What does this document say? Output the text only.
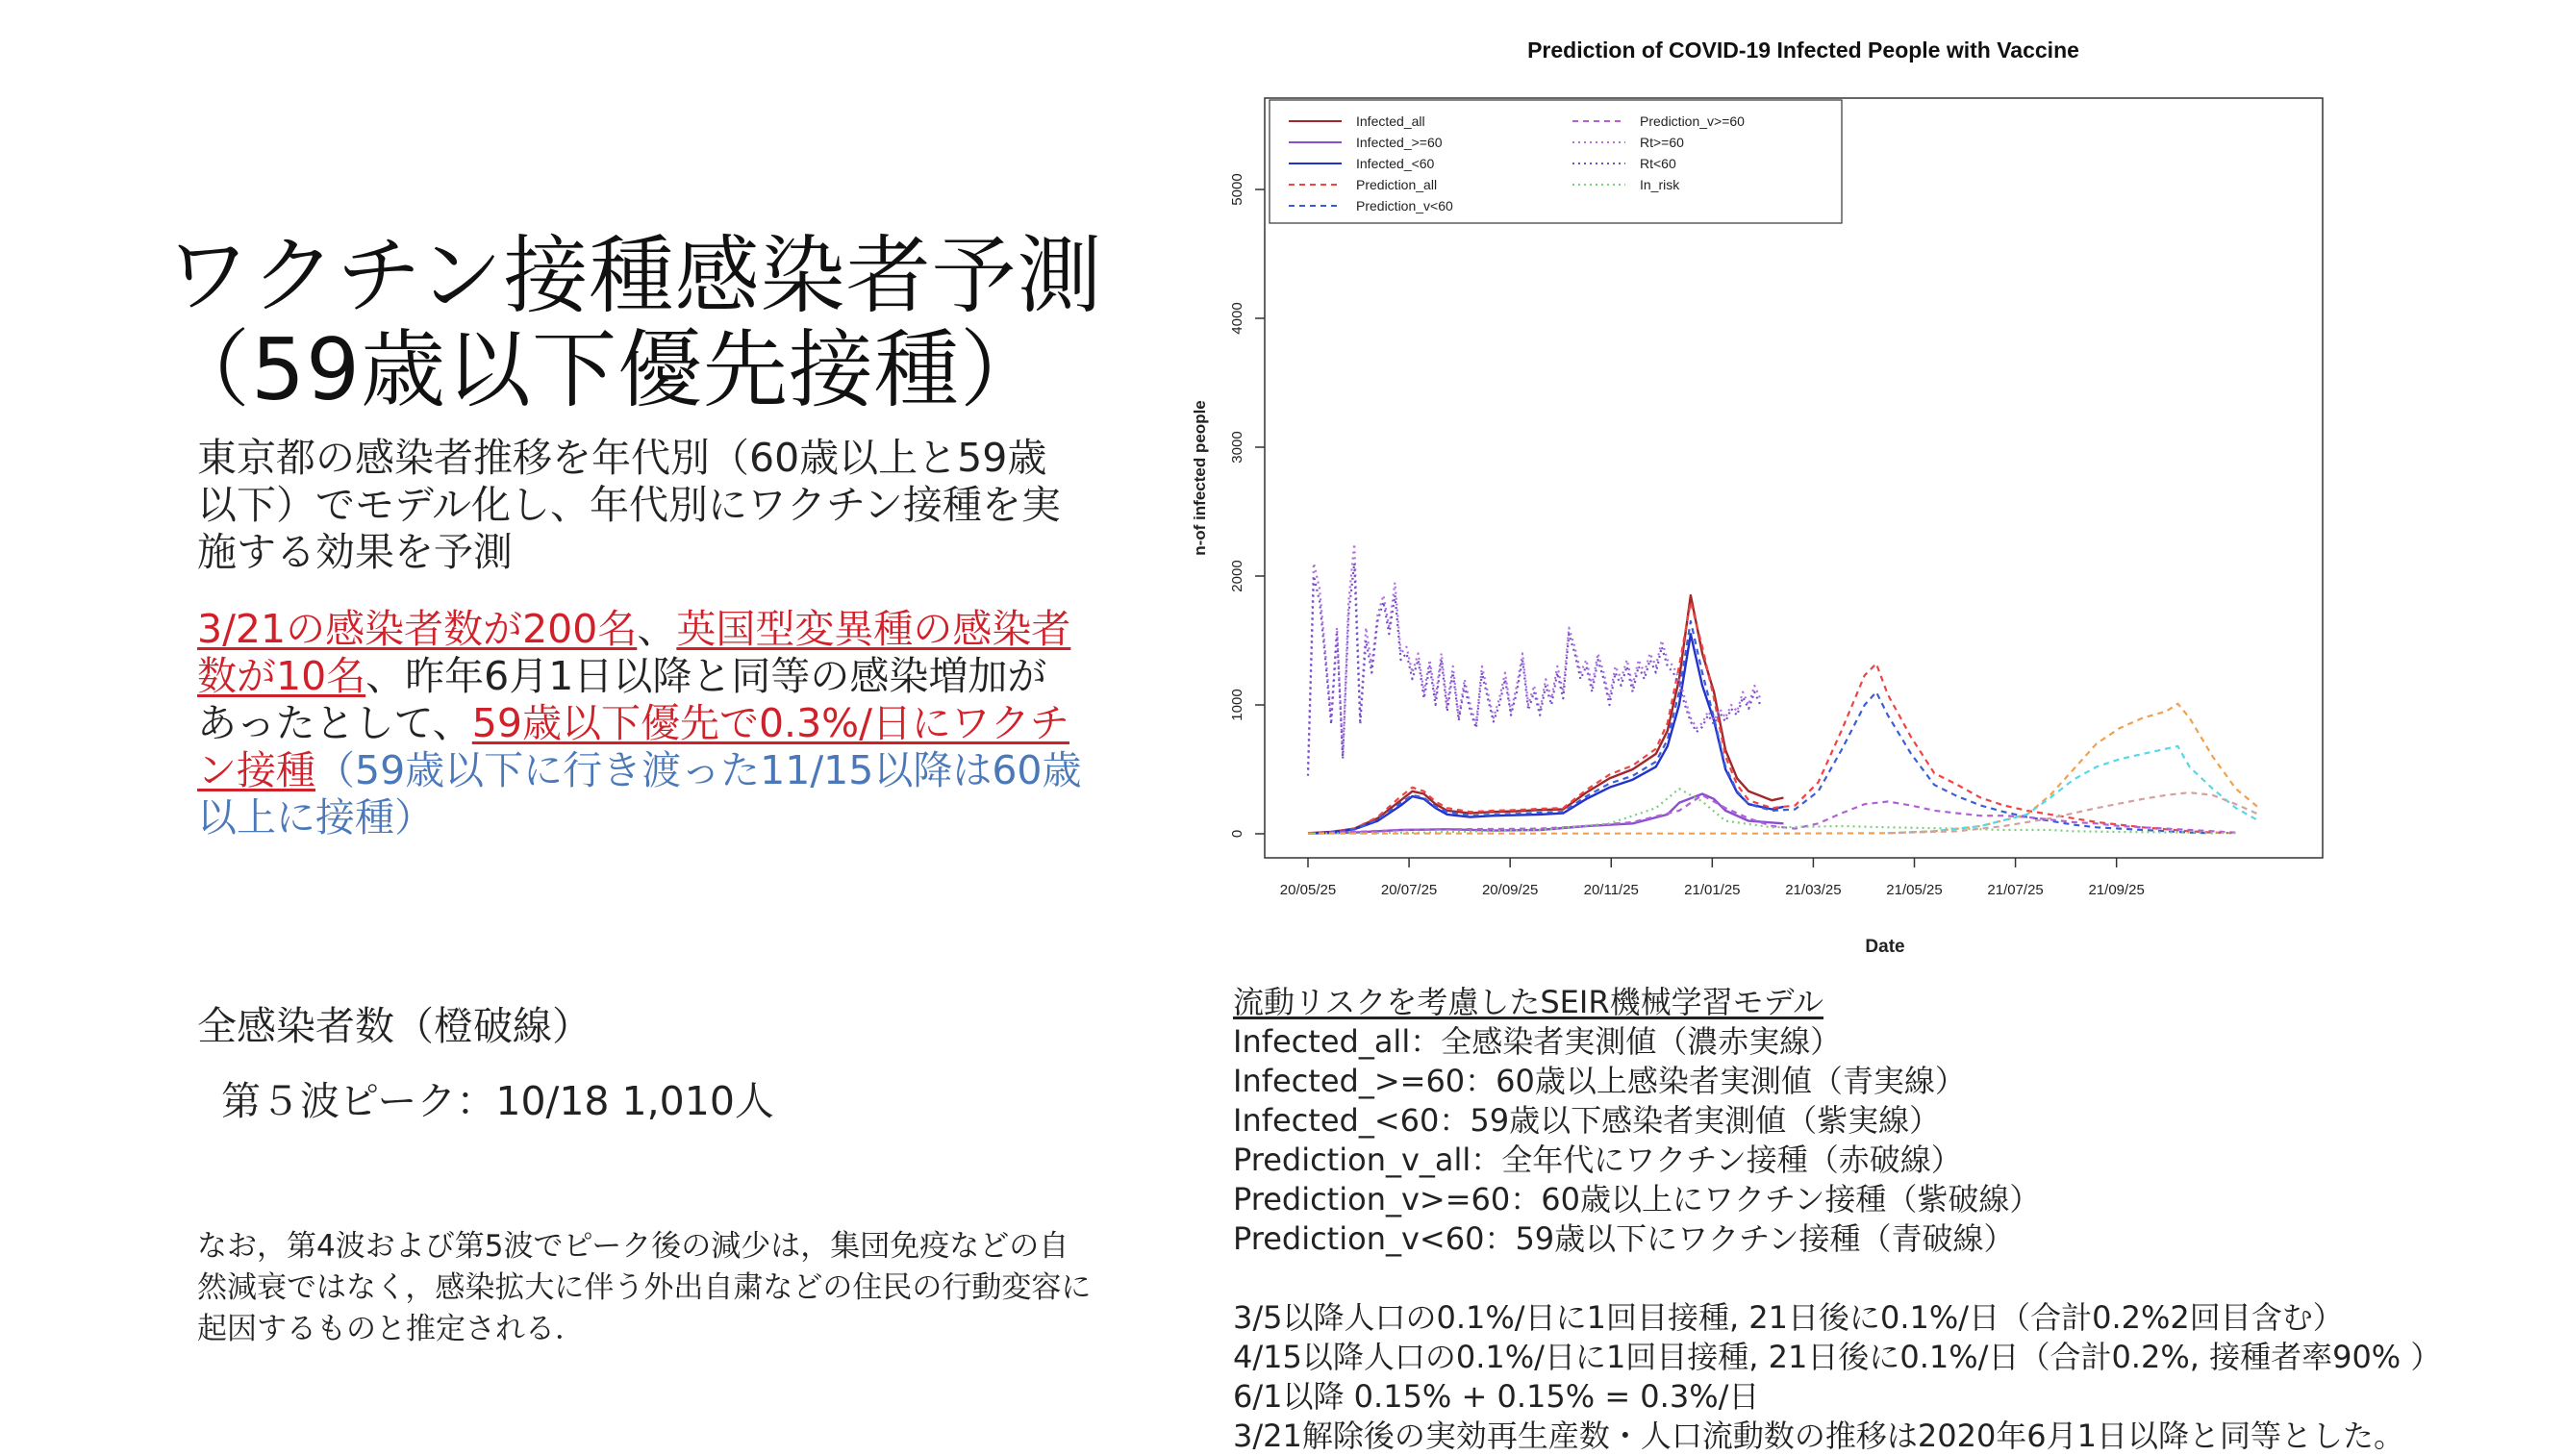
ワクチン接種感染者予測
（59歳以下優先接種）
東京都の感染者推移を年代別（60歳以上と59歳以下）でモデル化し、年代別にワクチン接種を実施する効果を予測
3/21の感染者数が200名、英国型変異種の感染者数が10名、昨年6月1日以降と同等の感染増加があったとして、59歳以下優先で0.3%/日にワクチン接種（59歳以下に行き渡った11/15以降は60歳以上に接種）
全感染者数（橙破線）
第５波ピーク：10/18 1,010人
なお，第4波および第5波でピーク後の減少は，集団免疫などの自然減衰ではなく，感染拡大に伴う外出自粛などの住民の行動変容に起因するものと推定される．
流動リスクを考慮したSEIR機械学習モデル
Infected_all：全感染者実測値（濃赤実線）
Infected_>=60：60歳以上感染者実測値（青実線）
Infected_<60：59歳以下感染者実測値（紫実線）
Prediction_v_all：全年代にワクチン接種（赤破線）
Prediction_v>=60：60歳以上にワクチン接種（紫破線）
Prediction_v<60：59歳以下にワクチン接種（青破線）
3/5以降人口の0.1%/日に1回目接種, 21日後に0.1%/日（合計0.2%2回目含む）
4/15以降人口の0.1%/日に1回目接種, 21日後に0.1%/日（合計0.2%, 接種者率90% ）
6/1以降 0.15% + 0.15% = 0.3%/日
3/21解除後の実効再生産数・人口流動数の推移は2020年6月1日以降と同等とした。
Prediction of COVID-19 Infected People with Vaccine
0
1000
2000
3000
4000
5000
n-of infected people
20/05/25	20/07/25	20/09/25	20/11/25	21/01/25	21/03/25	21/05/25	21/07/25	21/09/25
Date
Infected_all
Infected_>=60
Infected_<60
Prediction_all
Prediction_v<60
Prediction_v>=60
Rt>=60
Rt<60
In_risk
